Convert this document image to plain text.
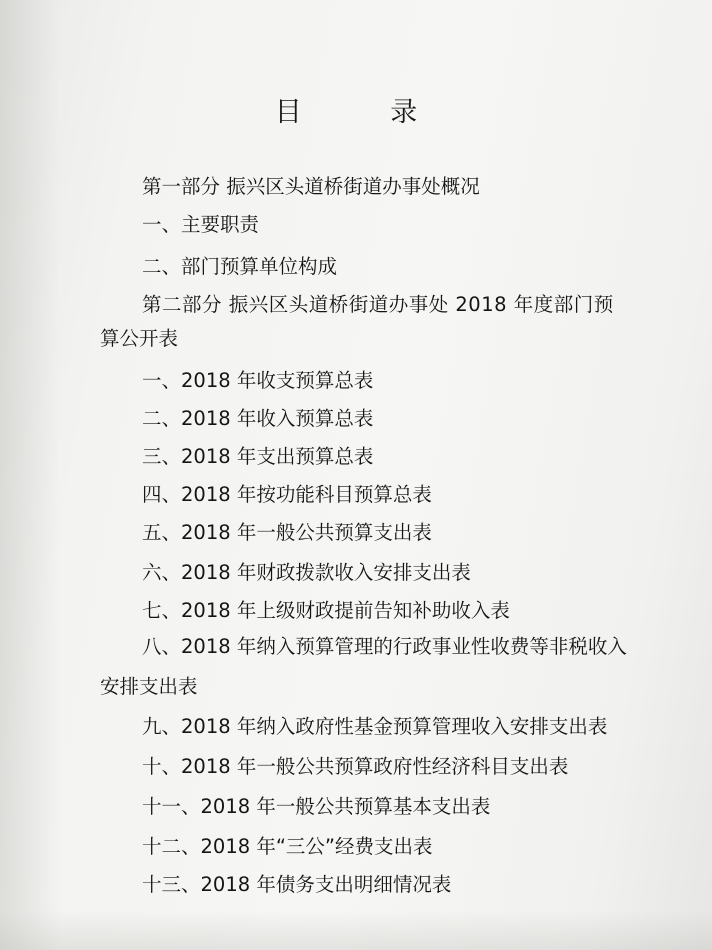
目 录
第一部分 振兴区头道桥街道办事处概况
一、主要职责
二、部门预算单位构成
第二部分 振兴区头道桥街道办事处 2018 年度部门预
算公开表
一、2018 年收支预算总表
二、2018 年收入预算总表
三、2018 年支出预算总表
四、2018 年按功能科目预算总表
五、2018 年一般公共预算支出表
六、2018 年财政拨款收入安排支出表
七、2018 年上级财政提前告知补助收入表
八、2018 年纳入预算管理的行政事业性收费等非税收入
安排支出表
九、2018 年纳入政府性基金预算管理收入安排支出表
十、2018 年一般公共预算政府性经济科目支出表
十一、2018 年一般公共预算基本支出表
十二、2018 年“三公”经费支出表
十三、2018 年债务支出明细情况表
